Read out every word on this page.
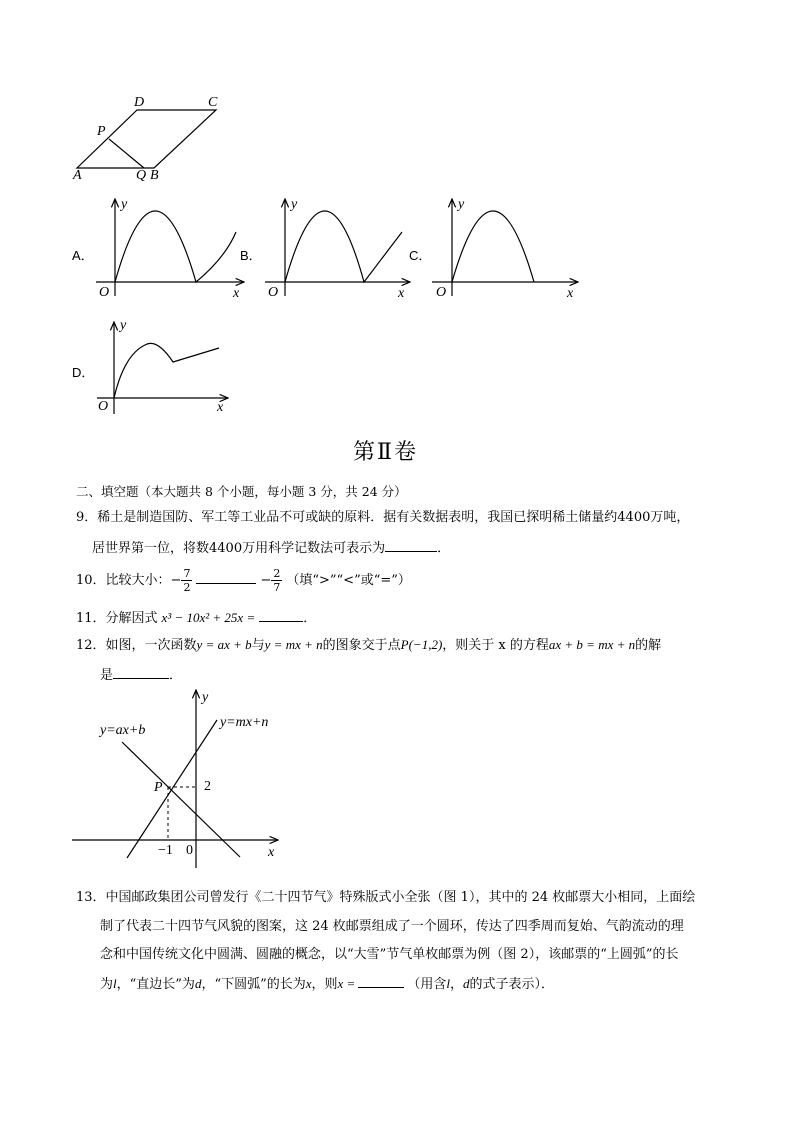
D	C
P
A	Q B
A．
y
O	x
B．
y
O	x
C．
y
O	x
D．
y
O	x
第Ⅱ卷
二、填空题（本大题共 8 个小题，每小题 3 分，共 24 分）
9．稀土是制造国防、军工等工业品不可或缺的原料．据有关数据表明，我国已探明稀土储量约4400万吨，
居世界第一位，将数4400万用科学记数法可表示为	．
10．比较大小：− $\frac{7}{2}$	− $\frac{2}{7}$ （填“>”“<”或“=”）
11．分解因式 x³ − 10x² + 25x =	．
12．如图，一次函数y = ax + b与y = mx + n的图象交于点P(−1,2)，则关于 x 的方程ax + b = mx + n的解
是	．
y=ax+b
y=mx+n
P	2
−1 0	x
y
13．中国邮政集团公司曾发行《二十四节气》特殊版式小全张（图 1），其中的 24 枚邮票大小相同，上面绘
制了代表二十四节气风貌的图案，这 24 枚邮票组成了一个圆环，传达了四季周而复始、气韵流动的理
念和中国传统文化中圆满、圆融的概念，以“大雪”节气单枚邮票为例（图 2），该邮票的“上圆弧”的长
为l，“直边长”为d，“下圆弧”的长为x，则x =	（用含l，d的式子表示）．
